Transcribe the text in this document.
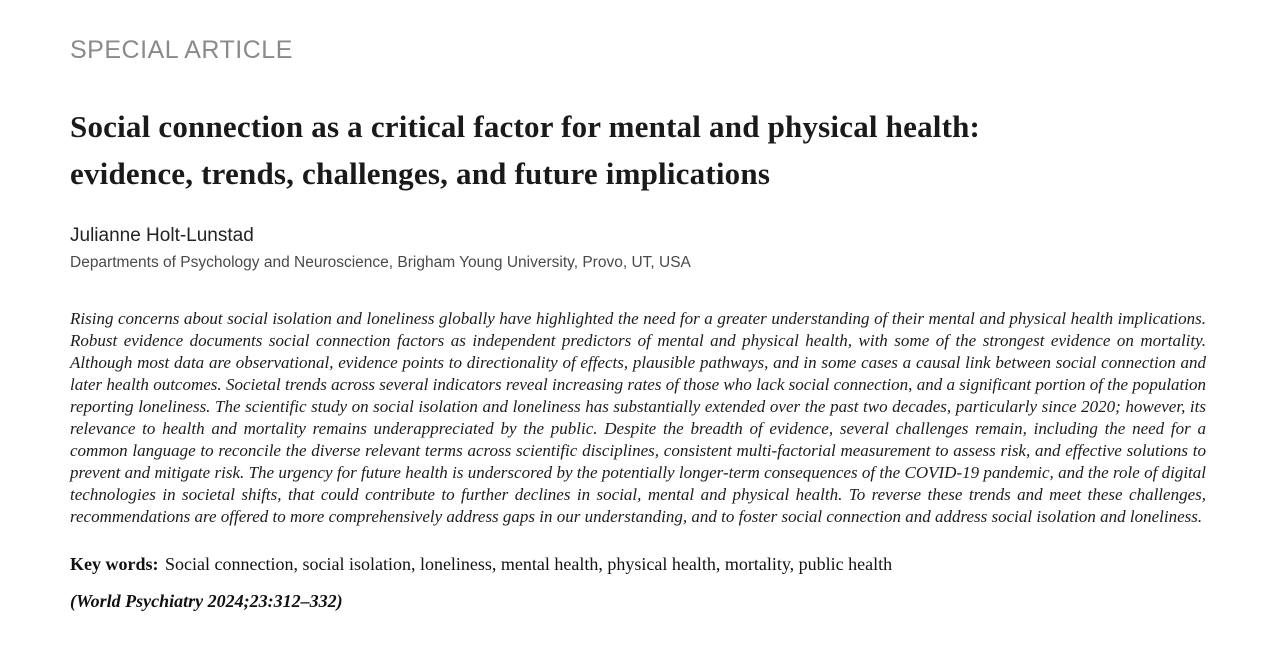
SPECIAL ARTICLE
Social connection as a critical factor for mental and physical health:
evidence, trends, challenges, and future implications
Julianne Holt-Lunstad
Departments of Psychology and Neuroscience, Brigham Young University, Provo, UT, USA

Rising concerns about social isolation and loneliness globally have highlighted the need for a greater understanding of their mental and physical health implications. Robust evidence documents social connection factors as independent predictors of mental and physical health, with some of the strongest evidence on mortality. Although most data are observational, evidence points to directionality of effects, plausible pathways, and in some cases a causal link between social connection and later health outcomes. Societal trends across several indicators reveal increasing rates of those who lack social connection, and a significant portion of the population reporting loneliness. The scientific study on social isolation and loneliness has substantially extended over the past two decades, particularly since 2020; however, its relevance to health and mortality remains underappreciated by the public. Despite the breadth of evidence, several challenges remain, including the need for a common language to reconcile the diverse relevant terms across scientific disciplines, consistent multi-factorial measurement to assess risk, and effective solutions to prevent and mitigate risk. The urgency for future health is underscored by the potentially longer-term consequences of the COVID-19 pandemic, and the role of digital technologies in societal shifts, that could contribute to further declines in social, mental and physical health. To reverse these trends and meet these challenges, recommendations are offered to more comprehensively address gaps in our understanding, and to foster social connection and address social isolation and loneliness.

Key words: Social connection, social isolation, loneliness, mental health, physical health, mortality, public health

(World Psychiatry 2024;23:312–332)
